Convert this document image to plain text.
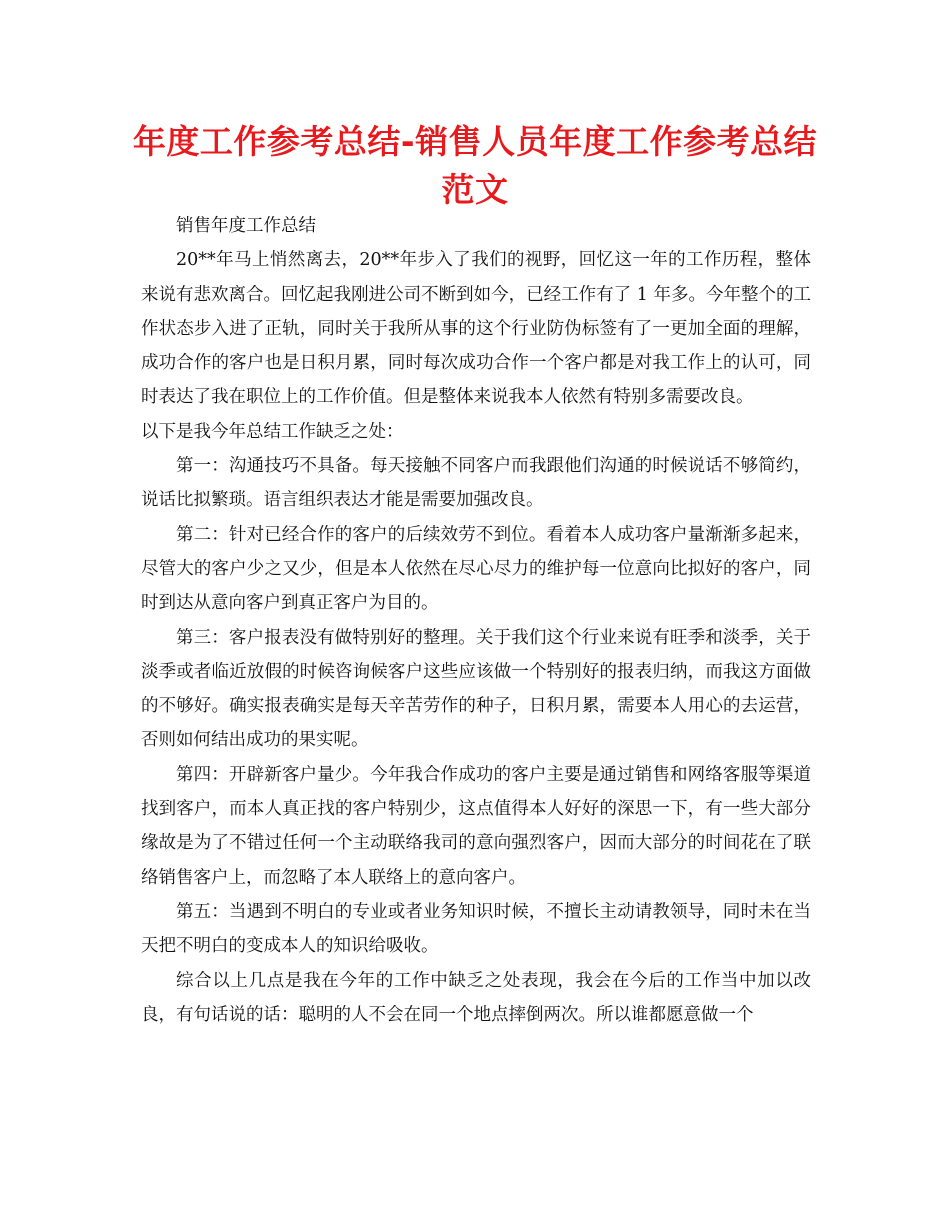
年度工作参考总结-销售人员年度工作参考总结范文

销售年度工作总结

20**年马上悄然离去，20**年步入了我们的视野，回忆这一年的工作历程，整体来说有悲欢离合。回忆起我刚进公司不断到如今，已经工作有了 1 年多。今年整个的工作状态步入进了正轨，同时关于我所从事的这个行业防伪标签有了一更加全面的理解，成功合作的客户也是日积月累，同时每次成功合作一个客户都是对我工作上的认可，同时表达了我在职位上的工作价值。但是整体来说我本人依然有特别多需要改良。

以下是我今年总结工作缺乏之处：

第一：沟通技巧不具备。每天接触不同客户而我跟他们沟通的时候说话不够简约，说话比拟繁琐。语言组织表达才能是需要加强改良。

第二：针对已经合作的客户的后续效劳不到位。看着本人成功客户量渐渐多起来，尽管大的客户少之又少，但是本人依然在尽心尽力的维护每一位意向比拟好的客户，同时到达从意向客户到真正客户为目的。

第三：客户报表没有做特别好的整理。关于我们这个行业来说有旺季和淡季，关于淡季或者临近放假的时候咨询候客户这些应该做一个特别好的报表归纳，而我这方面做的不够好。确实报表确实是每天辛苦劳作的种子，日积月累，需要本人用心的去运营，否则如何结出成功的果实呢。

第四：开辟新客户量少。今年我合作成功的客户主要是通过销售和网络客服等渠道找到客户，而本人真正找的客户特别少，这点值得本人好好的深思一下，有一些大部分缘故是为了不错过任何一个主动联络我司的意向强烈客户，因而大部分的时间花在了联络销售客户上，而忽略了本人联络上的意向客户。

第五：当遇到不明白的专业或者业务知识时候，不擅长主动请教领导，同时未在当天把不明白的变成本人的知识给吸收。

综合以上几点是我在今年的工作中缺乏之处表现，我会在今后的工作当中加以改良，有句话说的话：聪明的人不会在同一个地点摔倒两次。所以谁都愿意做一个
